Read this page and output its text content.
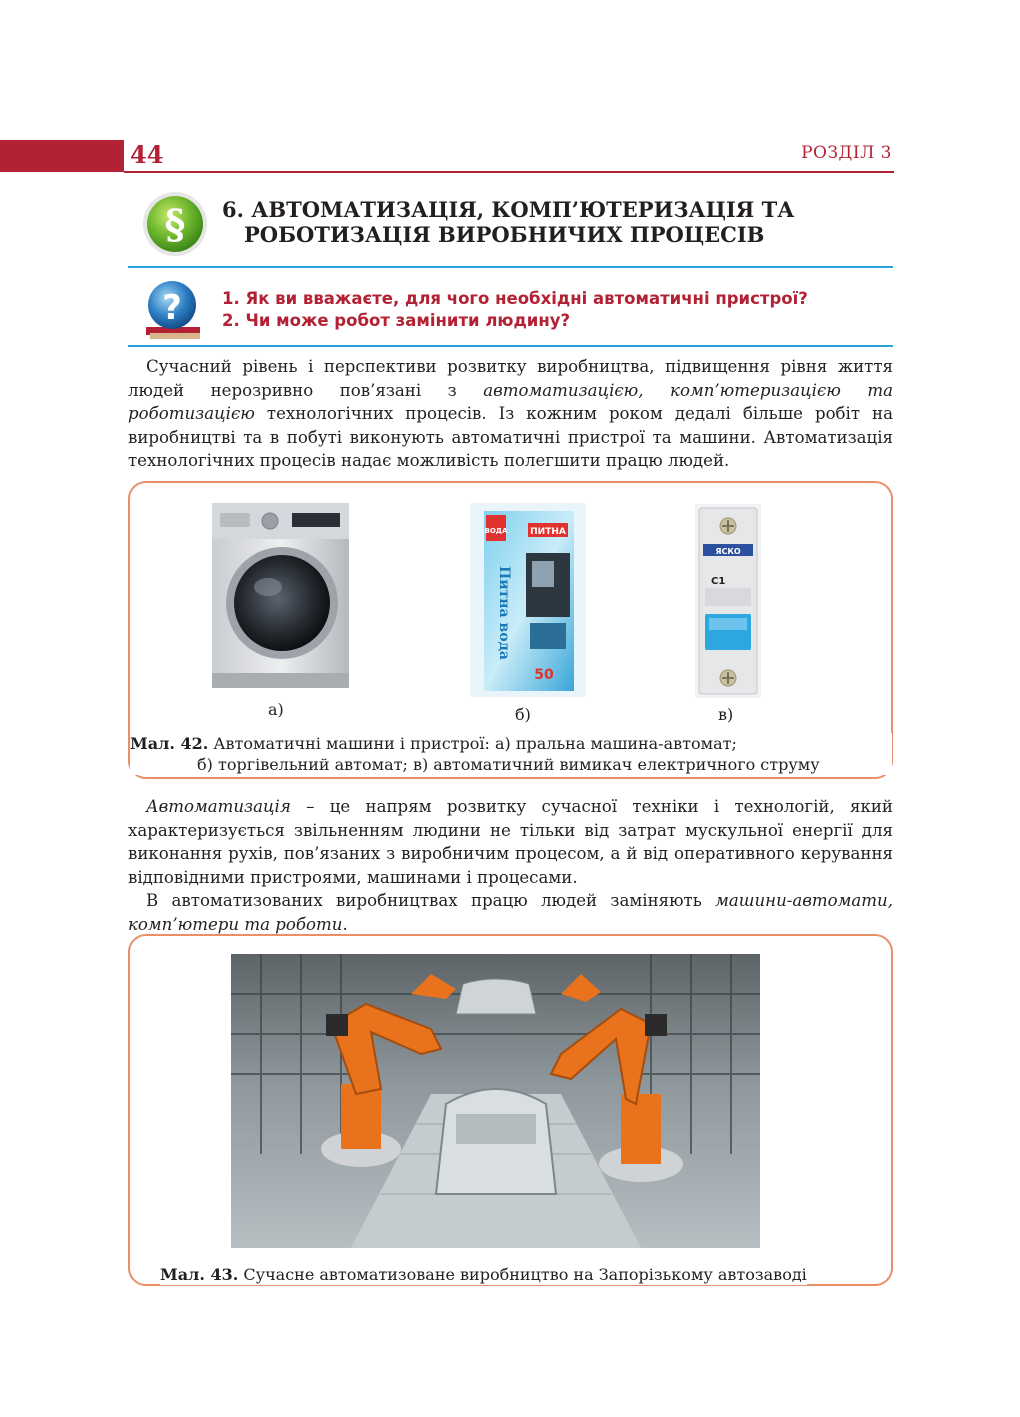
44	РОЗДІЛ 3
§ 6. АВТОМАТИЗАЦІЯ, КОМП’ЮТЕРИЗАЦІЯ ТА
РОБОТИЗАЦІЯ ВИРОБНИЧИХ ПРОЦЕСІВ
? 1. Як ви вважаєте, для чого необхідні автоматичні пристрої?
2. Чи може робот замінити людину?

Сучасний рівень і перспективи розвитку виробництва, підвищення рівня життя людей нерозривно пов’язані з автоматизацією, комп’ютеризацією та роботизацією технологічних процесів. Із кожним роком дедалі більше робіт на виробництві та в побуті виконують автоматичні пристрої та машини. Автоматизація технологічних процесів надає можливість полегшити працю людей.

а)
ВОДА	ПИТНА
Питна вода
50
б)
ЯСКО
С1
в)
Мал. 42. Автоматичні машини і пристрої: а) пральна машина-автомат;
б) торгівельний автомат; в) автоматичний вимикач електричного струму

Автоматизація – це напрям розвитку сучасної техніки і технологій, який характеризується звільненням людини не тільки від затрат мускульної енергії для виконання рухів, пов’язаних з виробничим процесом, а й від оперативного керування відповідними пристроями, машинами і процесами.

В автоматизованих виробництвах працю людей заміняють машини-автомати, комп’ютери та роботи.

Мал. 43. Сучасне автоматизоване виробництво на Запорізькому автозаводі
